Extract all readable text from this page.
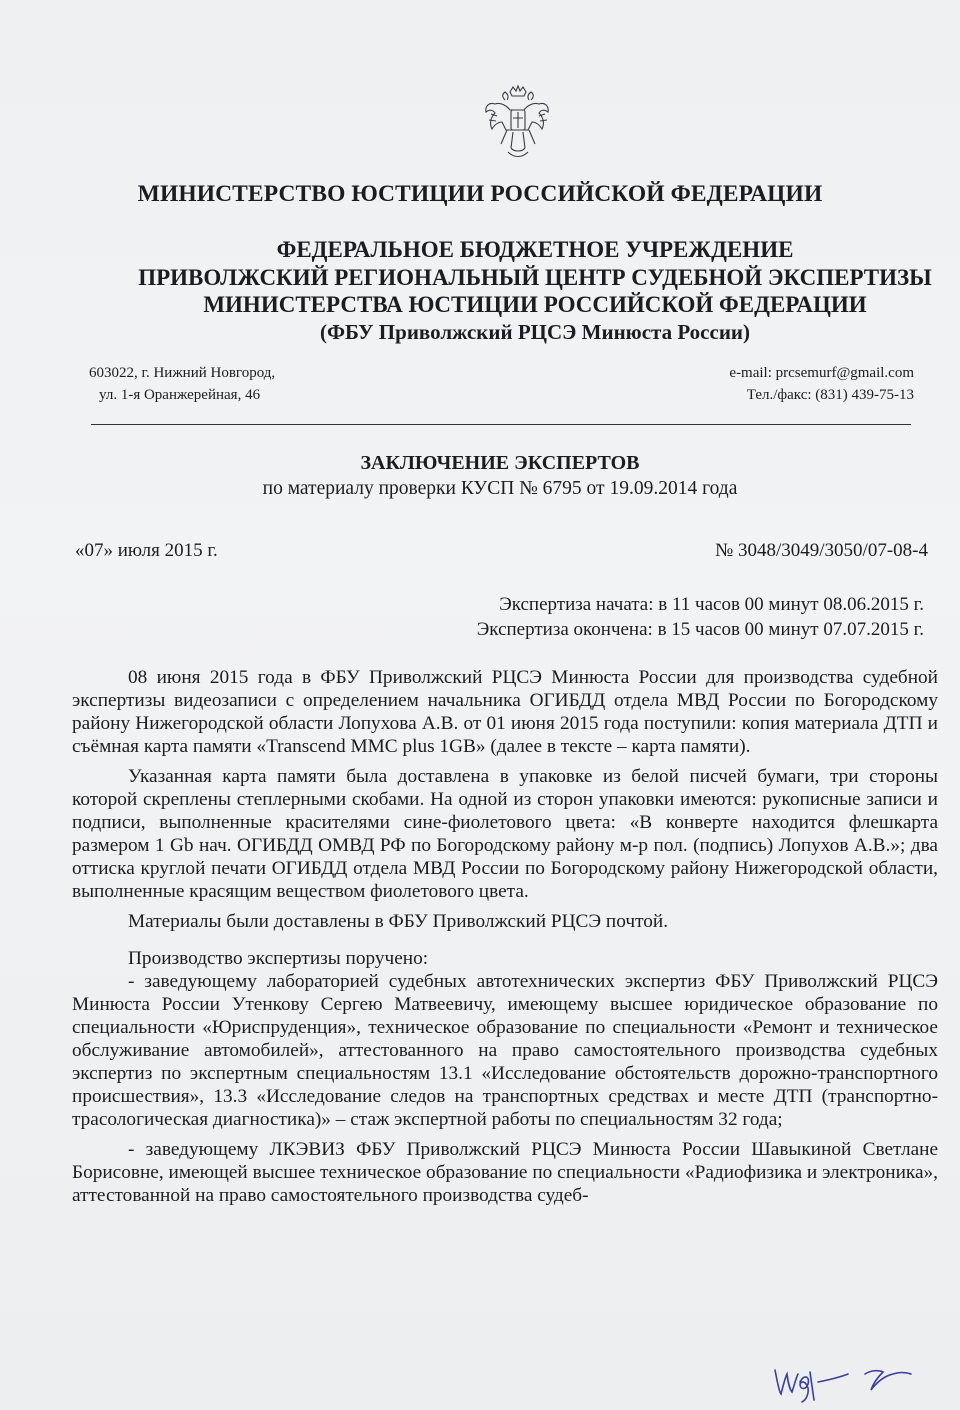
МИНИСТЕРСТВО ЮСТИЦИИ РОССИЙСКОЙ ФЕДЕРАЦИИ
ФЕДЕРАЛЬНОЕ БЮДЖЕТНОЕ УЧРЕЖДЕНИЕ
ПРИВОЛЖСКИЙ РЕГИОНАЛЬНЫЙ ЦЕНТР СУДЕБНОЙ ЭКСПЕРТИЗЫ
МИНИСТЕРСТВА ЮСТИЦИИ РОССИЙСКОЙ ФЕДЕРАЦИИ
(ФБУ Приволжский РЦСЭ Минюста России)
603022, г. Нижний Новгород,
ул. 1-я Оранжерейная, 46
e-mail: prcsemurf@gmail.com
Тел./факс: (831) 439-75-13
ЗАКЛЮЧЕНИЕ ЭКСПЕРТОВ
по материалу проверки КУСП № 6795 от 19.09.2014 года
«07» июля 2015 г.	№ 3048/3049/3050/07-08-4
Экспертиза начата: в 11 часов 00 минут 08.06.2015 г.
Экспертиза окончена: в 15 часов 00 минут 07.07.2015 г.

08 июня 2015 года в ФБУ Приволжский РЦСЭ Минюста России для производства судебной экспертизы видеозаписи с определением начальника ОГИБДД отдела МВД России по Богородскому району Нижегородской области Лопухова А.В. от 01 июня 2015 года поступили: копия материала ДТП и съёмная карта памяти «Transcend MMC plus 1GB» (далее в тексте – карта памяти).

Указанная карта памяти была доставлена в упаковке из белой писчей бумаги, три стороны которой скреплены степлерными скобами. На одной из сторон упаковки имеются: рукописные записи и подписи, выполненные красителями сине-фиолетового цвета: «В конверте находится флешкарта размером 1 Gb нач. ОГИБДД ОМВД РФ по Богородскому району м-р пол. (подпись) Лопухов А.В.»; два оттиска круглой печати ОГИБДД отдела МВД России по Богородскому району Нижегородской области, выполненные красящим веществом фиолетового цвета.

Материалы были доставлены в ФБУ Приволжский РЦСЭ почтой.

Производство экспертизы поручено:

- заведующему лабораторией судебных автотехнических экспертиз ФБУ Приволжский РЦСЭ Минюста России Утенкову Сергею Матвеевичу, имеющему высшее юридическое образование по специальности «Юриспруденция», техническое образование по специальности «Ремонт и техническое обслуживание автомобилей», аттестованного на право самостоятельного производства судебных экспертиз по экспертным специальностям 13.1 «Исследование обстоятельств дорожно-транспортного происшествия», 13.3 «Исследование следов на транспортных средствах и месте ДТП (транспортно-трасологическая диагностика)» – стаж экспертной работы по специальностям 32 года;

- заведующему ЛКЭВИЗ ФБУ Приволжский РЦСЭ Минюста России Шавыкиной Светлане Борисовне, имеющей высшее техническое образование по специальности «Радиофизика и электроника», аттестованной на право самостоятельного производства судеб-
